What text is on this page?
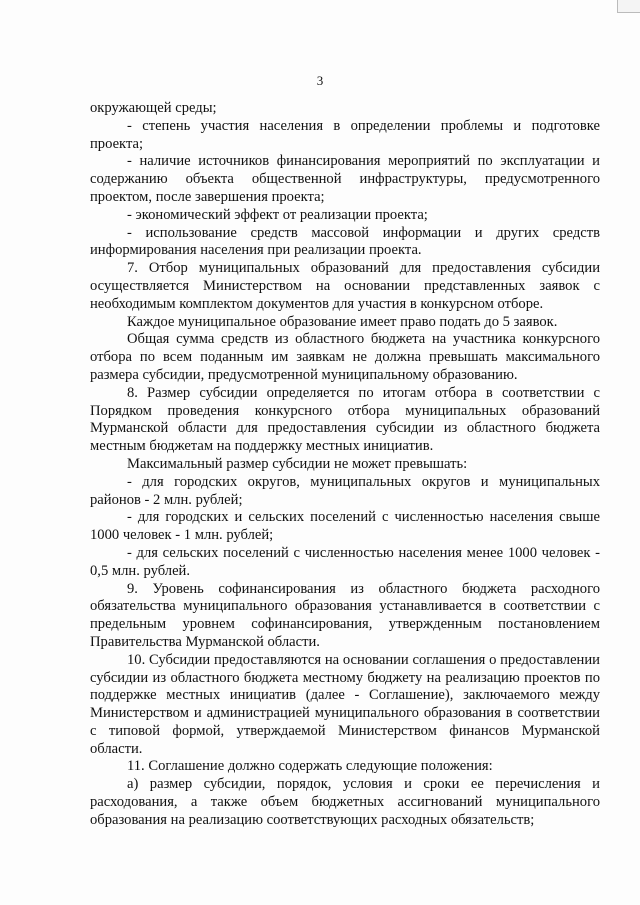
3

окружающей среды;

- степень участия населения в определении проблемы и подготовке проекта;

- наличие источников финансирования мероприятий по эксплуатации и содержанию объекта общественной инфраструктуры, предусмотренного проектом, после завершения проекта;

- экономический эффект от реализации проекта;

- использование средств массовой информации и других средств информирования населения при реализации проекта.

7. Отбор муниципальных образований для предоставления субсидии осуществляется Министерством на основании представленных заявок с необходимым комплектом документов для участия в конкурсном отборе.

Каждое муниципальное образование имеет право подать до 5 заявок.

Общая сумма средств из областного бюджета на участника конкурсного отбора по всем поданным им заявкам не должна превышать максимального размера субсидии, предусмотренной муниципальному образованию.

8. Размер субсидии определяется по итогам отбора в соответствии с Порядком проведения конкурсного отбора муниципальных образований Мурманской области для предоставления субсидии из областного бюджета местным бюджетам на поддержку местных инициатив.

Максимальный размер субсидии не может превышать:

- для городских округов, муниципальных округов и муниципальных районов - 2 млн. рублей;

- для городских и сельских поселений с численностью населения свыше 1000 человек - 1 млн. рублей;

- для сельских поселений с численностью населения менее 1000 человек - 0,5 млн. рублей.

9. Уровень софинансирования из областного бюджета расходного обязательства муниципального образования устанавливается в соответствии с предельным уровнем софинансирования, утвержденным постановлением Правительства Мурманской области.

10. Субсидии предоставляются на основании соглашения о предоставлении субсидии из областного бюджета местному бюджету на реализацию проектов по поддержке местных инициатив (далее - Соглашение), заключаемого между Министерством и администрацией муниципального образования в соответствии с типовой формой, утверждаемой Министерством финансов Мурманской области.

11. Соглашение должно содержать следующие положения:

а) размер субсидии, порядок, условия и сроки ее перечисления и расходования, а также объем бюджетных ассигнований муниципального образования на реализацию соответствующих расходных обязательств;
